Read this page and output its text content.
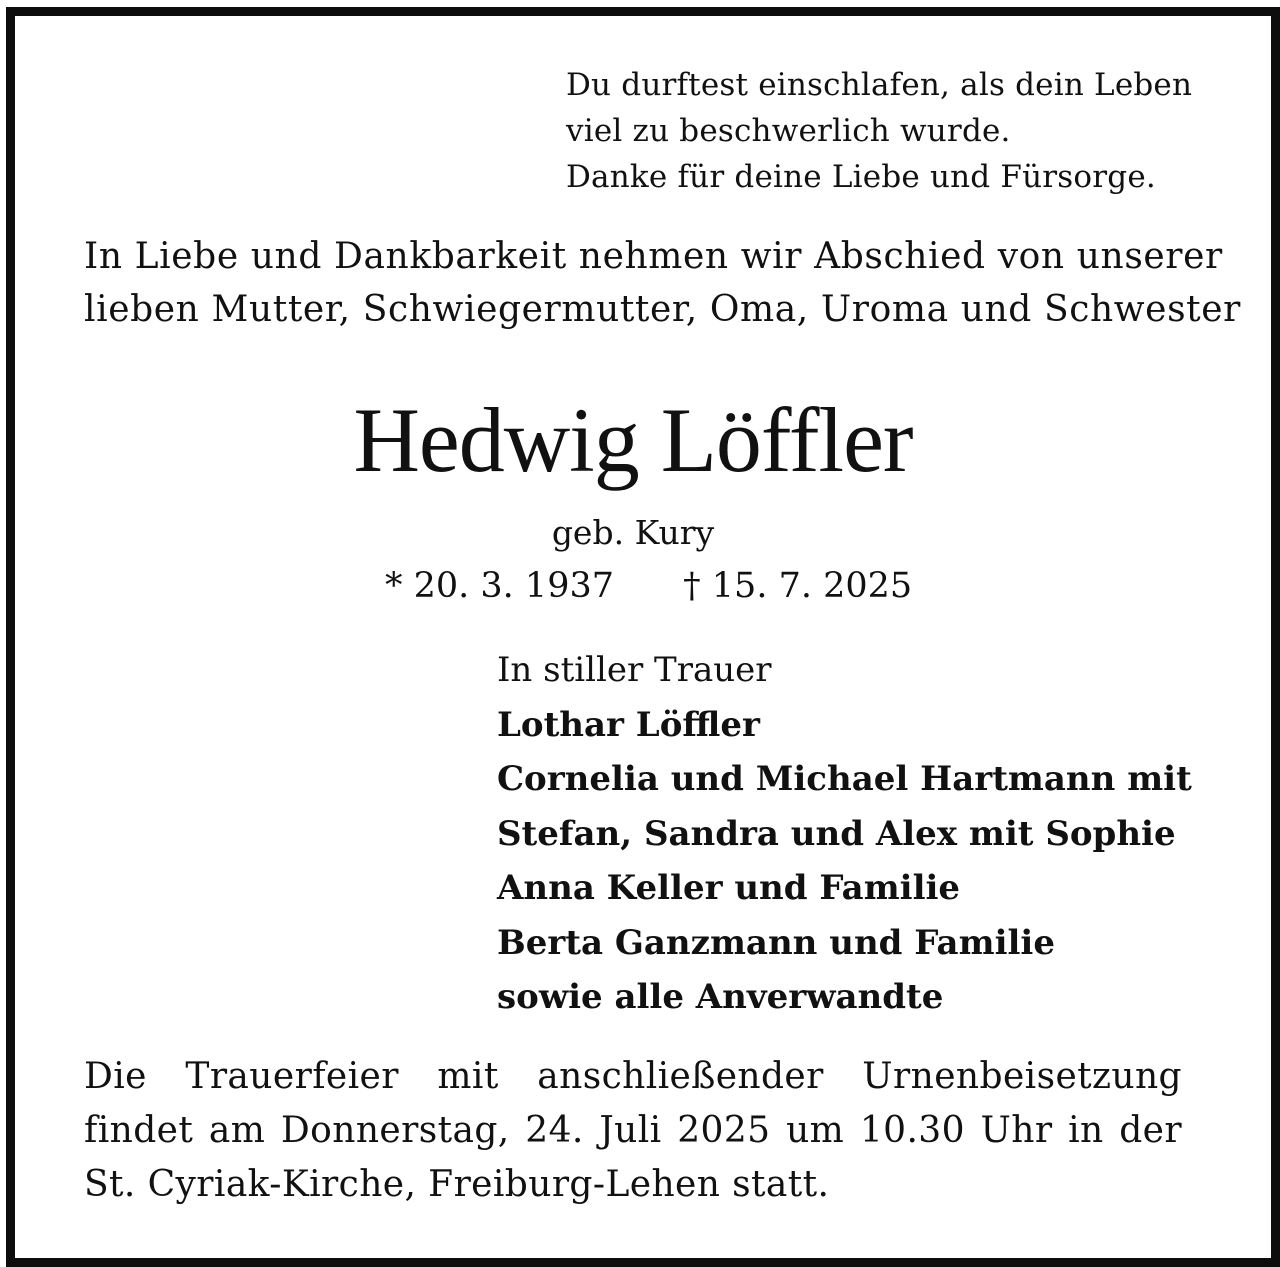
Du durftest einschlafen, als dein Leben
viel zu beschwerlich wurde.
Danke für deine Liebe und Fürsorge.
In Liebe und Dankbarkeit nehmen wir Abschied von unserer
lieben Mutter, Schwiegermutter, Oma, Uroma und Schwester
Hedwig Löffler
geb. Kury
* 20. 3. 1937 † 15. 7. 2025
In stiller Trauer
Lothar Löffler
Cornelia und Michael Hartmann mit
Stefan, Sandra und Alex mit Sophie
Anna Keller und Familie
Berta Ganzmann und Familie
sowie alle Anverwandte
Die Trauerfeier mit anschließender Urnenbeisetzung
findet am Donnerstag, 24. Juli 2025 um 10.30 Uhr in der
St. Cyriak-Kirche, Freiburg-Lehen statt.
